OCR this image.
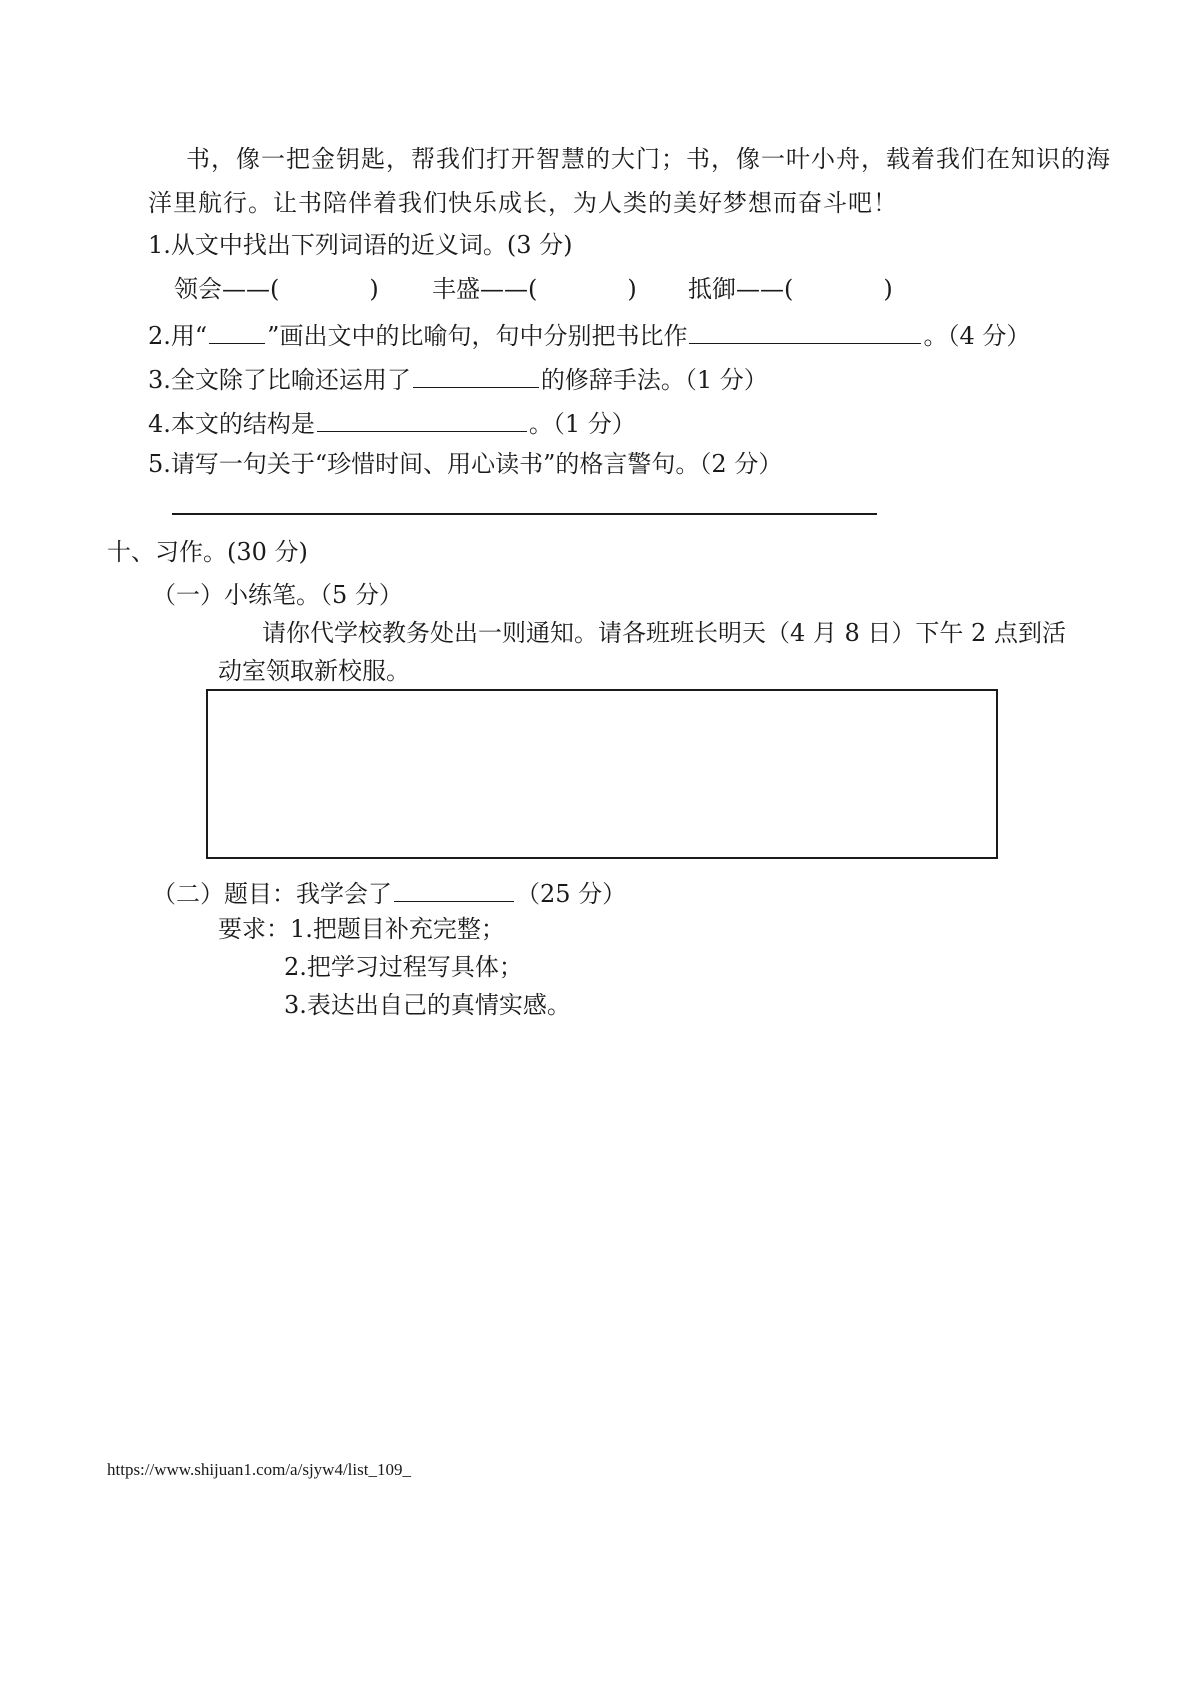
书，像一把金钥匙，帮我们打开智慧的大门；书，像一叶小舟，载着我们在知识的海
洋里航行。让书陪伴着我们快乐成长，为人类的美好梦想而奋斗吧！
1.从文中找出下列词语的近义词。(3 分)
领会——(	) 丰盛——(	) 抵御——(	)
2.用“	”画出文中的比喻句，句中分别把书比作	。（4 分）
3.全文除了比喻还运用了	的修辞手法。（1 分）
4.本文的结构是	。（1 分）
5.请写一句关于“珍惜时间、用心读书”的格言警句。（2 分）
十、习作。(30 分)
（一）小练笔。（5 分）
请你代学校教务处出一则通知。请各班班长明天（4 月 8 日）下午 2 点到活
动室领取新校服。
（二）题目：我学会了	（25 分）
要求：1.把题目补充完整；
2.把学习过程写具体；
3.表达出自己的真情实感。
https://www.shijuan1.com/a/sjyw4/list_109_
